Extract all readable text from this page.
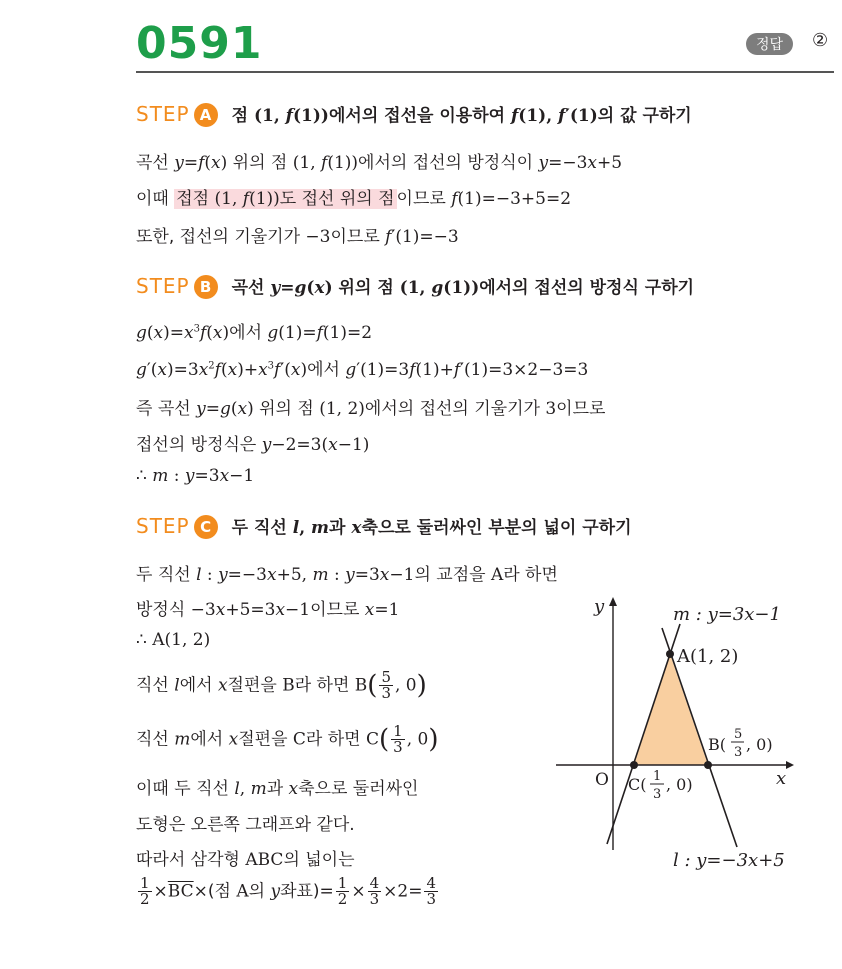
0591	정답	②
STEP A 점 (1, f(1))에서의 접선을 이용하여 f(1), f′(1)의 값 구하기
곡선 y=f(x) 위의 점 (1, f(1))에서의 접선의 방정식이 y=−3x+5
이때 접점 (1, f(1))도 접선 위의 점 이므로 f(1)=−3+5=2
또한, 접선의 기울기가 −3이므로 f′(1)=−3
STEP B 곡선 y=g(x) 위의 점 (1, g(1))에서의 접선의 방정식 구하기
$g(x)=x^3f(x)$에서 g(1)=f(1)=2
$g'(x)=3x^2f(x)+x^3f'(x)$에서 g′(1)=3f(1)+f′(1)=3×2−3=3
즉 곡선 y=g(x) 위의 점 (1, 2)에서의 접선의 기울기가 3이므로
접선의 방정식은 y−2=3(x−1)
∴ m : y=3x−1
STEP C 두 직선 l, m과 x축으로 둘러싸인 부분의 넓이 구하기
두 직선 l : y=−3x+5, m : y=3x−1의 교점을 A라 하면
방정식 −3x+5=3x−1이므로 x=1
∴ A(1, 2)
직선 l에서 x절편을 B라 하면 $B( \frac{5}{3}$ , 0)
직선 m에서 x절편을 C라 하면 $C( \frac{1}{3}$ , 0)
이때 두 직선 l, m과 x축으로 둘러싸인
도형은 오른쪽 그래프와 같다.
따라서 삼각형 ABC의 넓이는
$\frac{1}{2} \times\overline{BC}\times$(점 A의 y좌표)= $\frac{1}{2} \times \frac{4}{3} \times 2= \frac{4}{3}$
y
x
O
m : y=3x−1
A(1, 2)
l : y=−3x+5
B(
5
3 , 0)
C( 1
3
, 0)
